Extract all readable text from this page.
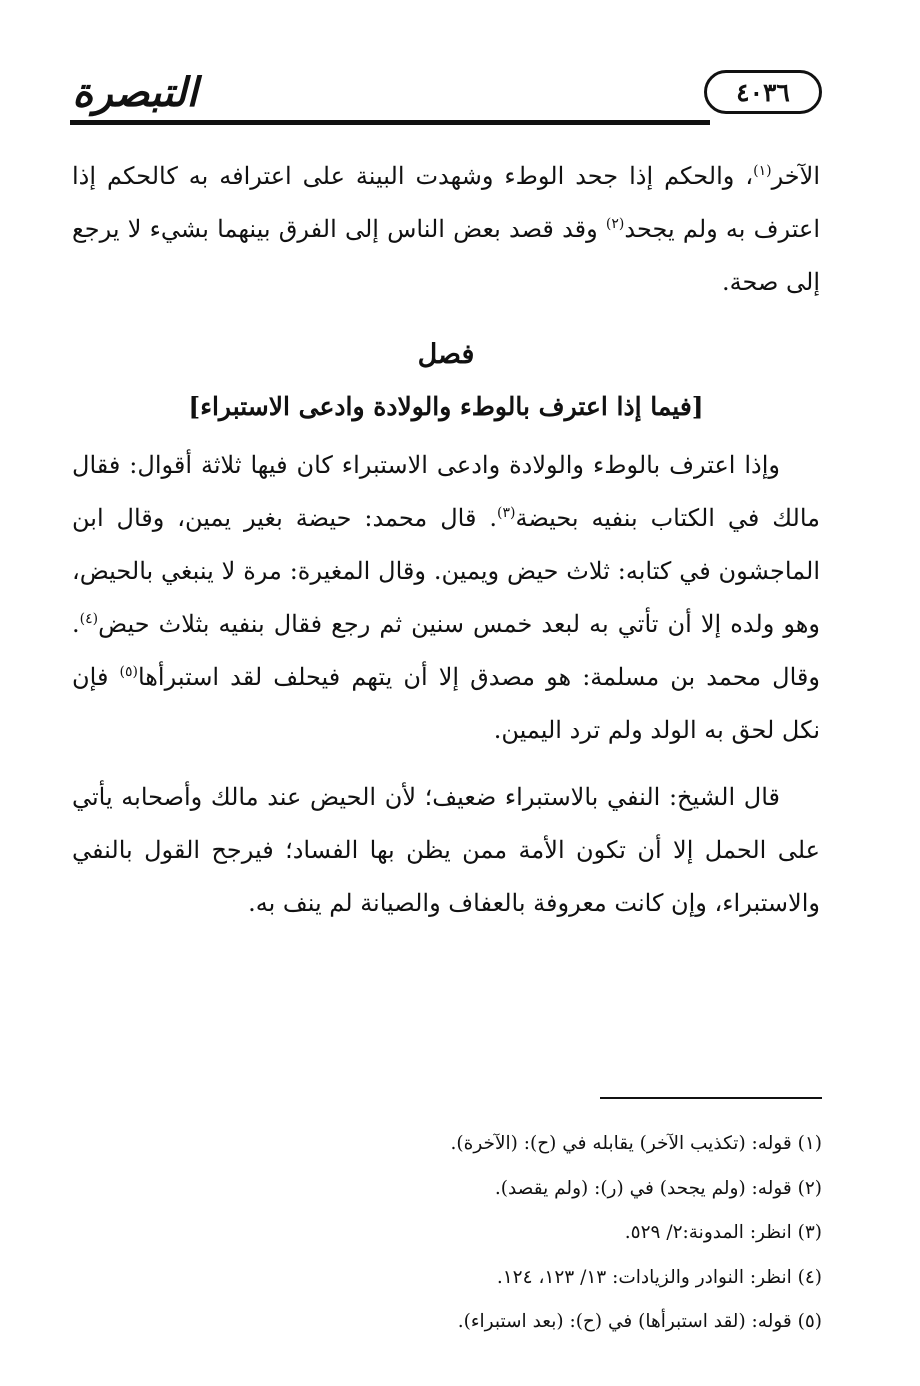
٤٠٣٦
التبصرة

الآخر$^{(١)}$، والحكم إذا جحد الوطء وشهدت البينة على اعترافه به كالحكم إذا اعترف به ولم يجحد$^{(٢)}$ وقد قصد بعض الناس إلى الفرق بينهما بشيء لا يرجع إلى صحة.

فصل
[فيما إذا اعترف بالوطء والولادة وادعى الاستبراء]

وإذا اعترف بالوطء والولادة وادعى الاستبراء كان فيها ثلاثة أقوال: فقال مالك في الكتاب بنفيه بحيضة$^{(٣)}$. قال محمد: حيضة بغير يمين، وقال ابن الماجشون في كتابه: ثلاث حيض ويمين. وقال المغيرة: مرة لا ينبغي بالحيض، وهو ولده إلا أن تأتي به لبعد خمس سنين ثم رجع فقال بنفيه بثلاث حيض$^{(٤)}$. وقال محمد بن مسلمة: هو مصدق إلا أن يتهم فيحلف لقد استبرأها$^{(٥)}$ فإن نكل لحق به الولد ولم ترد اليمين.

قال الشيخ: النفي بالاستبراء ضعيف؛ لأن الحيض عند مالك وأصحابه يأتي على الحمل إلا أن تكون الأمة ممن يظن بها الفساد؛ فيرجح القول بالنفي والاستبراء، وإن كانت معروفة بالعفاف والصيانة لم ينف به.

(١) قوله: (تكذيب الآخر) يقابله في (ح): (الآخرة).

(٢) قوله: (ولم يجحد) في (ر): (ولم يقصد).

(٣) انظر: المدونة:٢/ ٥٢٩.

(٤) انظر: النوادر والزيادات: ١٣/ ١٢٣، ١٢٤.

(٥) قوله: (لقد استبرأها) في (ح): (بعد استبراء).
